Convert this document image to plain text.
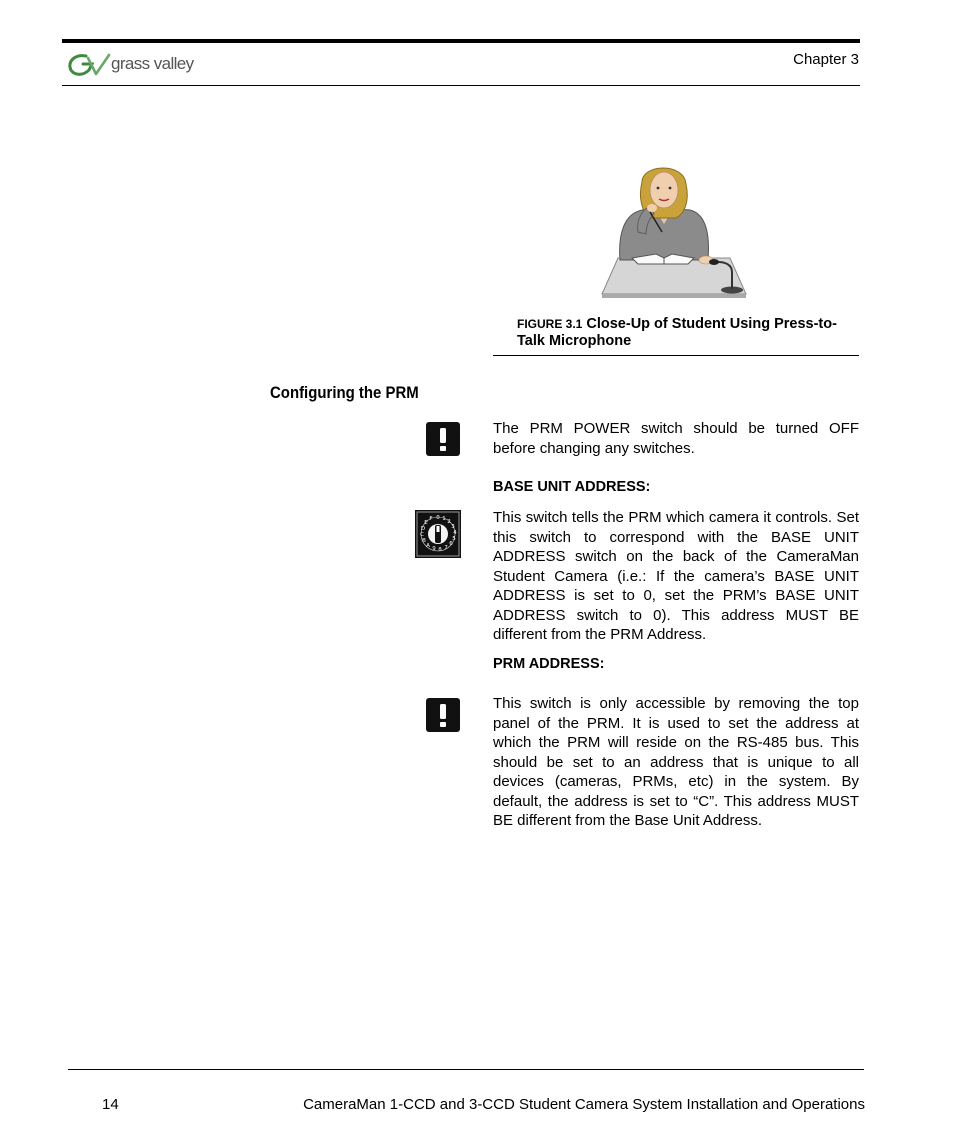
grass valley	Chapter 3
FIGURE 3.1 Close-Up of Student Using Press-to-Talk Microphone
Configuring the PRM
The PRM POWER switch should be turned OFF before changing any switches.
BASE UNIT ADDRESS:
0 1 2
3
4
5
6
7
8
9
A
B
C
D
E
F	This switch tells the PRM which camera it controls. Set this switch to correspond with the BASE UNIT ADDRESS switch on the back of the CameraMan Student Camera (i.e.: If the camera’s BASE UNIT ADDRESS is set to 0, set the PRM’s BASE UNIT ADDRESS switch to 0). This address MUST BE different from the PRM Address.
PRM ADDRESS:
This switch is only accessible by removing the top panel of the PRM. It is used to set the address at which the PRM will reside on the RS-485 bus. This should be set to an address that is unique to all devices (cameras, PRMs, etc) in the system. By default, the address is set to “C”. This address MUST BE different from the Base Unit Address.
14	CameraMan 1-CCD and 3-CCD Student Camera System Installation and Operations
